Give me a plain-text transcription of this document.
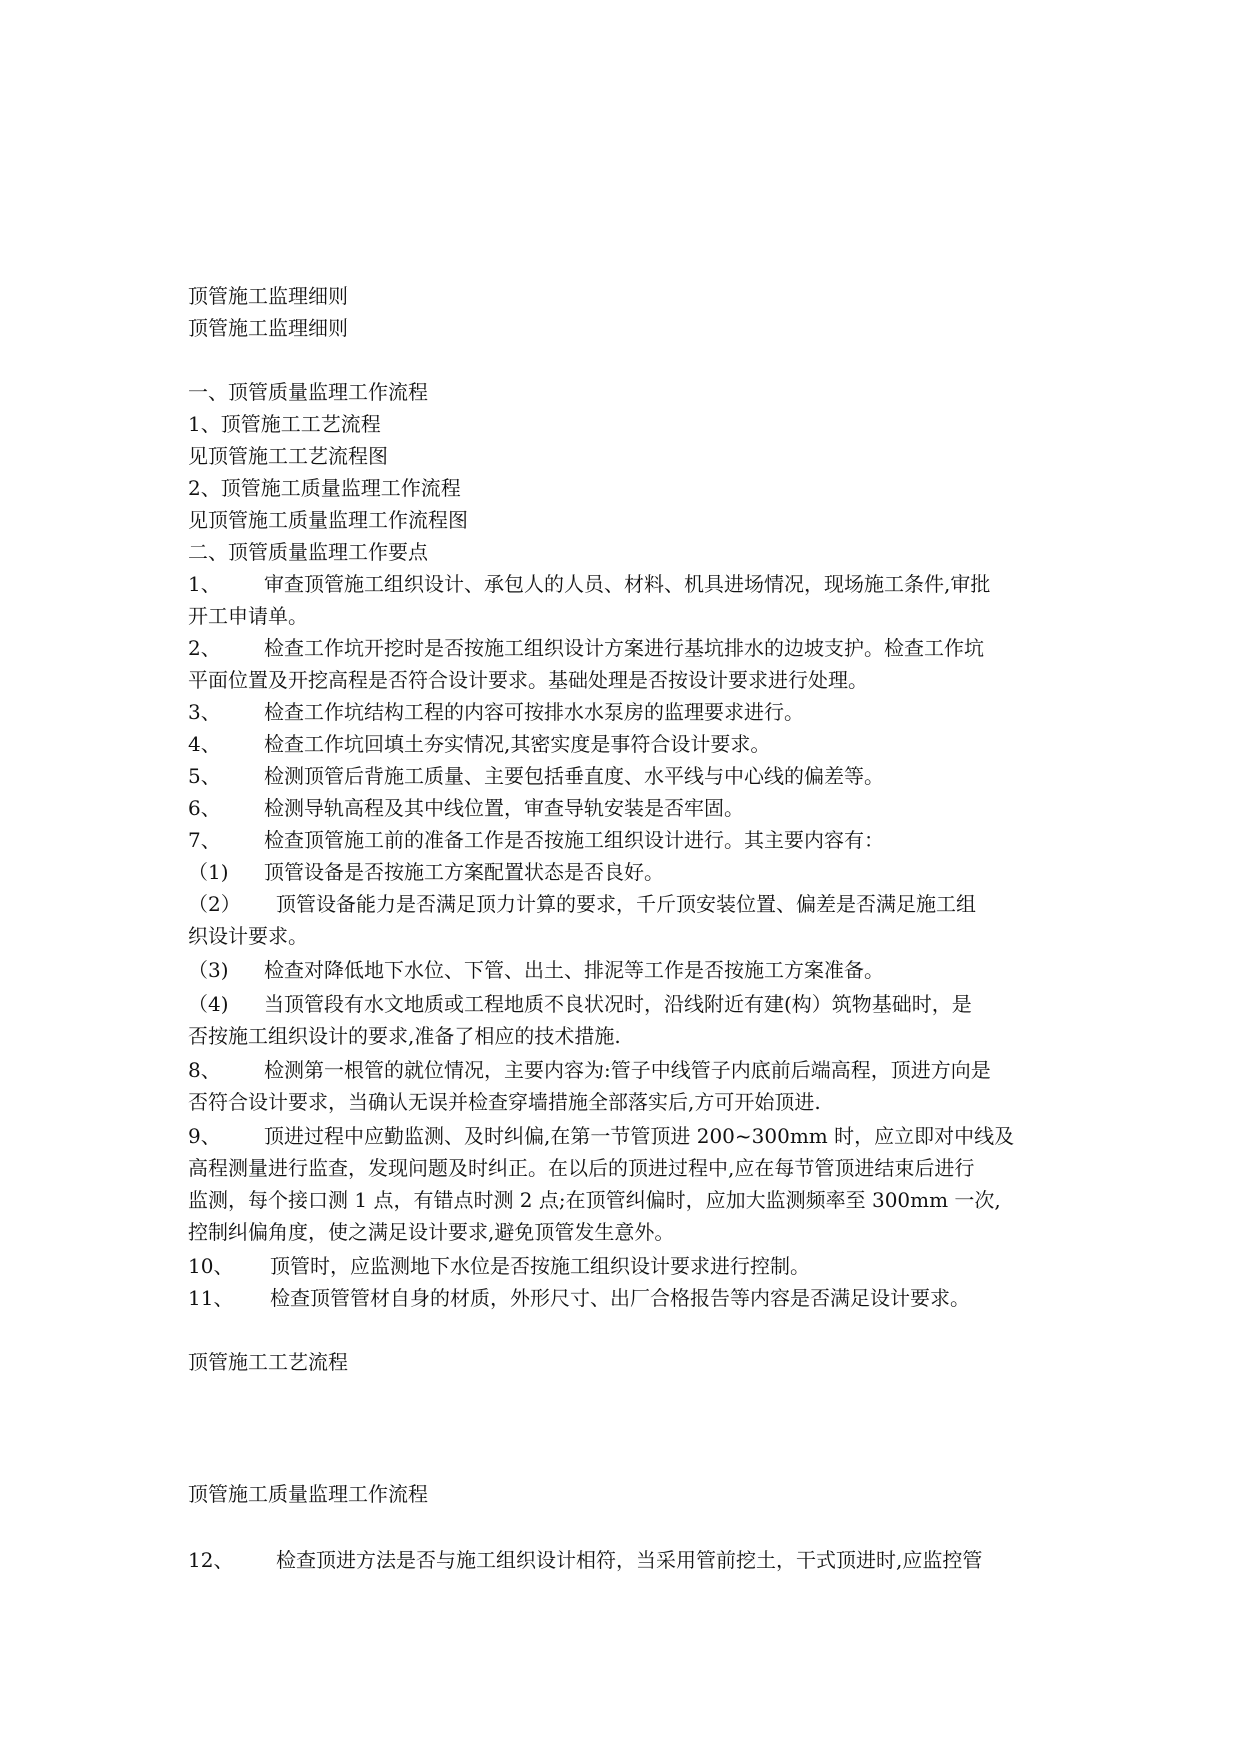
顶管施工监理细则
顶管施工监理细则
一、顶管质量监理工作流程
1、顶管施工工艺流程
见顶管施工工艺流程图
2、顶管施工质量监理工作流程
见顶管施工质量监理工作流程图
二、顶管质量监理工作要点
1、 审查顶管施工组织设计、承包人的人员、材料、机具进场情况，现场施工条件,审批
开工申请单。
2、 检查工作坑开挖时是否按施工组织设计方案进行基坑排水的边坡支护。检查工作坑
平面位置及开挖高程是否符合设计要求。基础处理是否按设计要求进行处理。
3、 检查工作坑结构工程的内容可按排水水泵房的监理要求进行。
4、 检查工作坑回填土夯实情况,其密实度是事符合设计要求。
5、 检测顶管后背施工质量、主要包括垂直度、水平线与中心线的偏差等。
6、 检测导轨高程及其中线位置，审查导轨安装是否牢固。
7、 检查顶管施工前的准备工作是否按施工组织设计进行。其主要内容有：
（1) 顶管设备是否按施工方案配置状态是否良好。
（2） 顶管设备能力是否满足顶力计算的要求，千斤顶安装位置、偏差是否满足施工组
织设计要求。
（3) 检查对降低地下水位、下管、出土、排泥等工作是否按施工方案准备。
（4) 当顶管段有水文地质或工程地质不良状况时，沿线附近有建(构）筑物基础时，是
否按施工组织设计的要求,准备了相应的技术措施.
8、 检测第一根管的就位情况，主要内容为:管子中线管子内底前后端高程，顶进方向是
否符合设计要求，当确认无误并检查穿墙措施全部落实后,方可开始顶进.
9、 顶进过程中应勤监测、及时纠偏,在第一节管顶进 200~300mm 时，应立即对中线及
高程测量进行监查，发现问题及时纠正。在以后的顶进过程中,应在每节管顶进结束后进行
监测，每个接口测 1 点，有错点时测 2 点;在顶管纠偏时，应加大监测频率至 300mm 一次,
控制纠偏角度，使之满足设计要求,避免顶管发生意外。
10、 顶管时，应监测地下水位是否按施工组织设计要求进行控制。
11、 检查顶管管材自身的材质，外形尺寸、出厂合格报告等内容是否满足设计要求。
顶管施工工艺流程
顶管施工质量监理工作流程
12、 检查顶进方法是否与施工组织设计相符，当采用管前挖土，干式顶进时,应监控管
